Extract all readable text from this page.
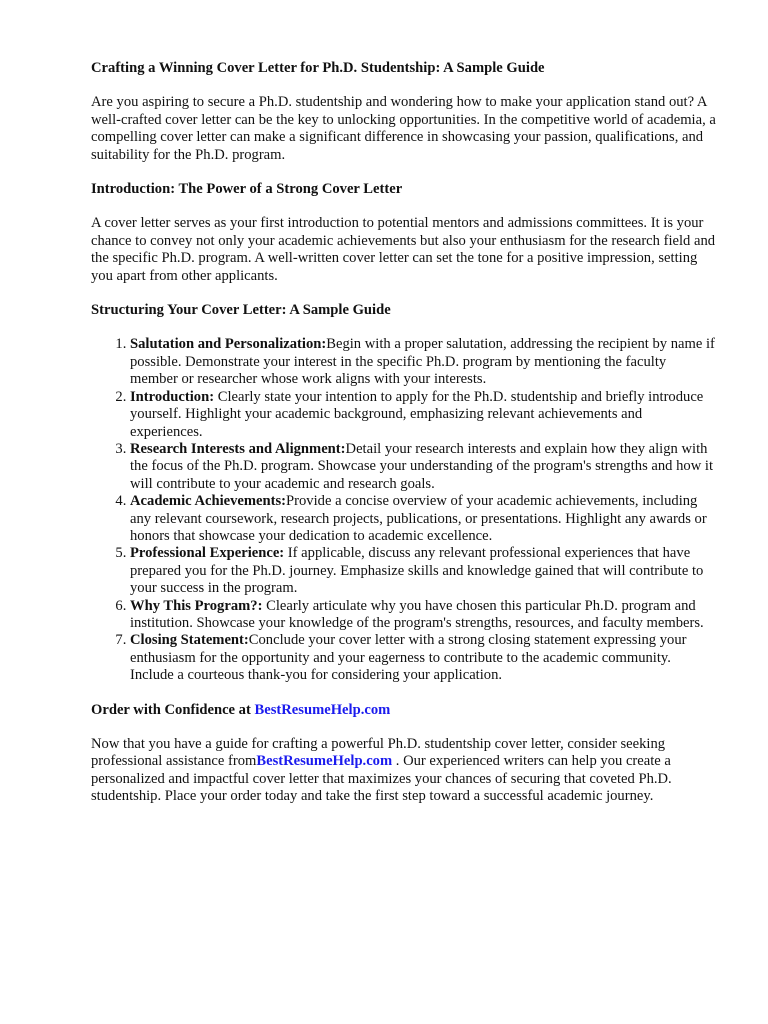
Crafting a Winning Cover Letter for Ph.D. Studentship: A Sample Guide

Are you aspiring to secure a Ph.D. studentship and wondering how to make your application stand out? A well-crafted cover letter can be the key to unlocking opportunities. In the competitive world of academia, a compelling cover letter can make a significant difference in showcasing your passion, qualifications, and suitability for the Ph.D. program.

Introduction: The Power of a Strong Cover Letter

A cover letter serves as your first introduction to potential mentors and admissions committees. It is your chance to convey not only your academic achievements but also your enthusiasm for the research field and the specific Ph.D. program. A well-written cover letter can set the tone for a positive impression, setting you apart from other applicants.

Structuring Your Cover Letter: A Sample Guide
1. Salutation and Personalization:Begin with a proper salutation, addressing the recipient by name if possible. Demonstrate your interest in the specific Ph.D. program by mentioning the faculty member or researcher whose work aligns with your interests.
2. Introduction: Clearly state your intention to apply for the Ph.D. studentship and briefly introduce yourself. Highlight your academic background, emphasizing relevant achievements and experiences.
3. Research Interests and Alignment:Detail your research interests and explain how they align with the focus of the Ph.D. program. Showcase your understanding of the program's strengths and how it will contribute to your academic and research goals.
4. Academic Achievements:Provide a concise overview of your academic achievements, including any relevant coursework, research projects, publications, or presentations. Highlight any awards or honors that showcase your dedication to academic excellence.
5. Professional Experience: If applicable, discuss any relevant professional experiences that have prepared you for the Ph.D. journey. Emphasize skills and knowledge gained that will contribute to your success in the program.
6. Why This Program?: Clearly articulate why you have chosen this particular Ph.D. program and institution. Showcase your knowledge of the program's strengths, resources, and faculty members.
7. Closing Statement:Conclude your cover letter with a strong closing statement expressing your enthusiasm for the opportunity and your eagerness to contribute to the academic community. Include a courteous thank-you for considering your application.
Order with Confidence at BestResumeHelp.com

Now that you have a guide for crafting a powerful Ph.D. studentship cover letter, consider seeking professional assistance fromBestResumeHelp.com . Our experienced writers can help you create a personalized and impactful cover letter that maximizes your chances of securing that coveted Ph.D. studentship. Place your order today and take the first step toward a successful academic journey.
